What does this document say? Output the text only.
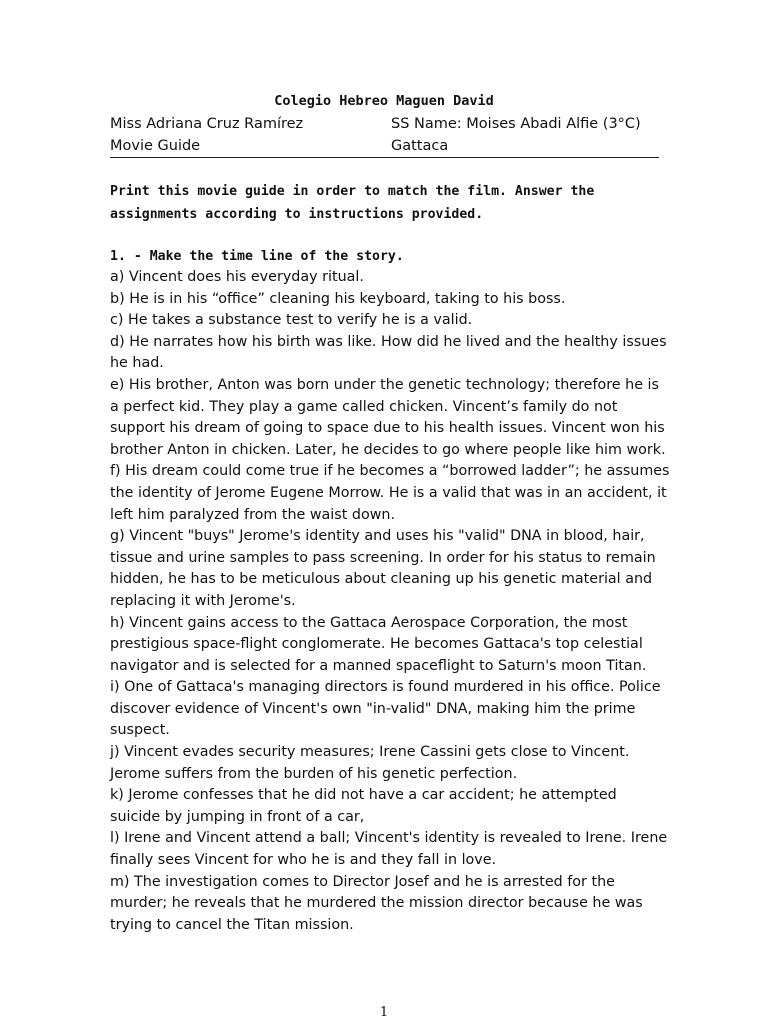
Colegio Hebreo Maguen David
Miss Adriana Cruz Ramírez	SS Name: Moises Abadi Alfie (3°C)
Movie Guide	Gattaca
Print this movie guide in order to match the film. Answer the assignments according to instructions provided.
1. - Make the time line of the story.

a) Vincent does his everyday ritual.

b) He is in his “office” cleaning his keyboard, taking to his boss.

c) He takes a substance test to verify he is a valid.

d) He narrates how his birth was like. How did he lived and the healthy issues he had.

e) His brother, Anton was born under the genetic technology; therefore he is a perfect kid. They play a game called chicken. Vincent’s family do not support his dream of going to space due to his health issues. Vincent won his brother Anton in chicken. Later, he decides to go where people like him work.

f) His dream could come true if he becomes a “borrowed ladder”; he assumes the identity of Jerome Eugene Morrow. He is a valid that was in an accident, it left him paralyzed from the waist down.

g) Vincent "buys" Jerome's identity and uses his "valid" DNA in blood, hair, tissue and urine samples to pass screening. In order for his status to remain hidden, he has to be meticulous about cleaning up his genetic material and replacing it with Jerome's.

h) Vincent gains access to the Gattaca Aerospace Corporation, the most prestigious space-flight conglomerate. He becomes Gattaca's top celestial navigator and is selected for a manned spaceflight to Saturn's moon Titan.

i) One of Gattaca's managing directors is found murdered in his office. Police discover evidence of Vincent's own "in-valid" DNA, making him the prime suspect.

j) Vincent evades security measures; Irene Cassini gets close to Vincent. Jerome suffers from the burden of his genetic perfection.

k) Jerome confesses that he did not have a car accident; he attempted suicide by jumping in front of a car,

l) Irene and Vincent attend a ball; Vincent's identity is revealed to Irene. Irene finally sees Vincent for who he is and they fall in love.

m) The investigation comes to Director Josef and he is arrested for the murder; he reveals that he murdered the mission director because he was trying to cancel the Titan mission.

1
